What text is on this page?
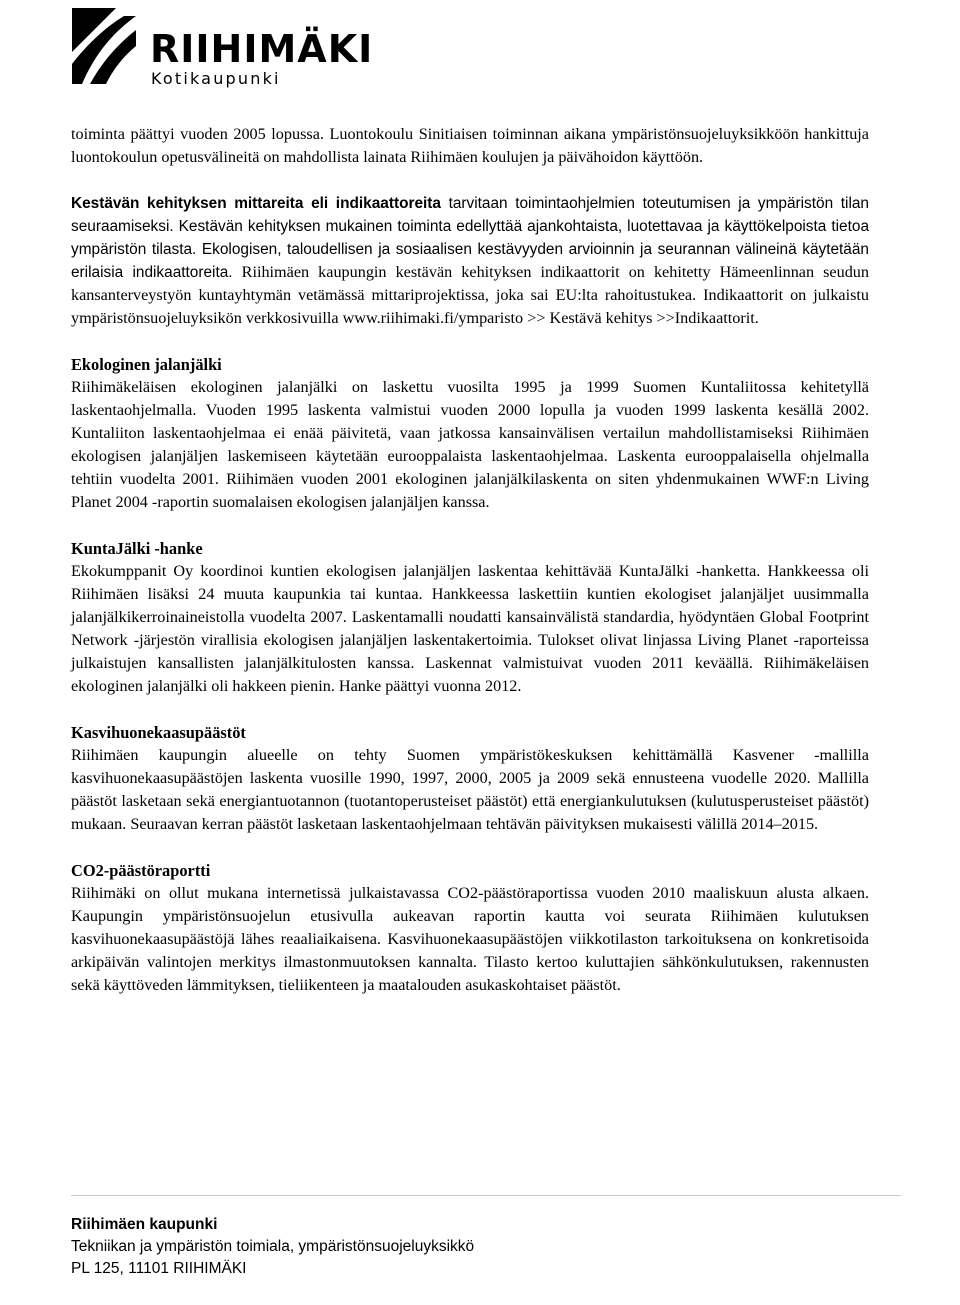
RIIHIMÄKI
Kotikaupunki

toiminta päättyi vuoden 2005 lopussa. Luontokoulu Sinitiaisen toiminnan aikana ympäristönsuojeluyksikköön hankittuja luontokoulun opetusvälineitä on mahdollista lainata Riihimäen koulujen ja päivähoidon käyttöön.

Kestävän kehityksen mittareita eli indikaattoreita tarvitaan toimintaohjelmien toteutumisen ja ympäristön tilan seuraamiseksi. Kestävän kehityksen mukainen toiminta edellyttää ajankohtaista, luotettavaa ja käyttökelpoista tietoa ympäristön tilasta. Ekologisen, taloudellisen ja sosiaalisen kestävyyden arvioinnin ja seurannan välineinä käytetään erilaisia indikaattoreita. Riihimäen kaupungin kestävän kehityksen indikaattorit on kehitetty Hämeenlinnan seudun kansanterveystyön kuntayhtymän vetämässä mittariprojektissa, joka sai EU:lta rahoitustukea. Indikaattorit on julkaistu ympäristönsuojeluyksikön verkkosivuilla www.riihimaki.fi/ymparisto >> Kestävä kehitys >>Indikaattorit.

Ekologinen jalanjälki

Riihimäkeläisen ekologinen jalanjälki on laskettu vuosilta 1995 ja 1999 Suomen Kuntaliitossa kehitetyllä laskentaohjelmalla. Vuoden 1995 laskenta valmistui vuoden 2000 lopulla ja vuoden 1999 laskenta kesällä 2002. Kuntaliiton laskentaohjelmaa ei enää päivitetä, vaan jatkossa kansainvälisen vertailun mahdollistamiseksi Riihimäen ekologisen jalanjäljen laskemiseen käytetään eurooppalaista laskentaohjelmaa. Laskenta eurooppalaisella ohjelmalla tehtiin vuodelta 2001. Riihimäen vuoden 2001 ekologinen jalanjälkilaskenta on siten yhdenmukainen WWF:n Living Planet 2004 -raportin suomalaisen ekologisen jalanjäljen kanssa.

KuntaJälki -hanke

Ekokumppanit Oy koordinoi kuntien ekologisen jalanjäljen laskentaa kehittävää KuntaJälki -hanketta. Hankkeessa oli Riihimäen lisäksi 24 muuta kaupunkia tai kuntaa. Hankkeessa laskettiin kuntien ekologiset jalanjäljet uusimmalla jalanjälkikerroinaineistolla vuodelta 2007. Laskentamalli noudatti kansainvälistä standardia, hyödyntäen Global Footprint Network -järjestön virallisia ekologisen jalanjäljen laskentakertoimia. Tulokset olivat linjassa Living Planet -raporteissa julkaistujen kansallisten jalanjälkitulosten kanssa. Laskennat valmistuivat vuoden 2011 keväällä. Riihimäkeläisen ekologinen jalanjälki oli hakkeen pienin. Hanke päättyi vuonna 2012.

Kasvihuonekaasupäästöt

Riihimäen kaupungin alueelle on tehty Suomen ympäristökeskuksen kehittämällä Kasvener -mallilla kasvihuonekaasupäästöjen laskenta vuosille 1990, 1997, 2000, 2005 ja 2009 sekä ennusteena vuodelle 2020. Mallilla päästöt lasketaan sekä energiantuotannon (tuotantoperusteiset päästöt) että energiankulutuksen (kulutusperusteiset päästöt) mukaan. Seuraavan kerran päästöt lasketaan laskentaohjelmaan tehtävän päivityksen mukaisesti välillä 2014–2015.

CO2-päästöraportti

Riihimäki on ollut mukana internetissä julkaistavassa CO2-päästöraportissa vuoden 2010 maaliskuun alusta alkaen. Kaupungin ympäristönsuojelun etusivulla aukeavan raportin kautta voi seurata Riihimäen kulutuksen kasvihuonekaasupäästöjä lähes reaaliaikaisena. Kasvihuonekaasupäästöjen viikkotilaston tarkoituksena on konkretisoida arkipäivän valintojen merkitys ilmastonmuutoksen kannalta. Tilasto kertoo kuluttajien sähkönkulutuksen, rakennusten sekä käyttöveden lämmityksen, tieliikenteen ja maatalouden asukaskohtaiset päästöt.

Riihimäen kaupunki
Tekniikan ja ympäristön toimiala, ympäristönsuojeluyksikkö
PL 125, 11101 RIIHIMÄKI
